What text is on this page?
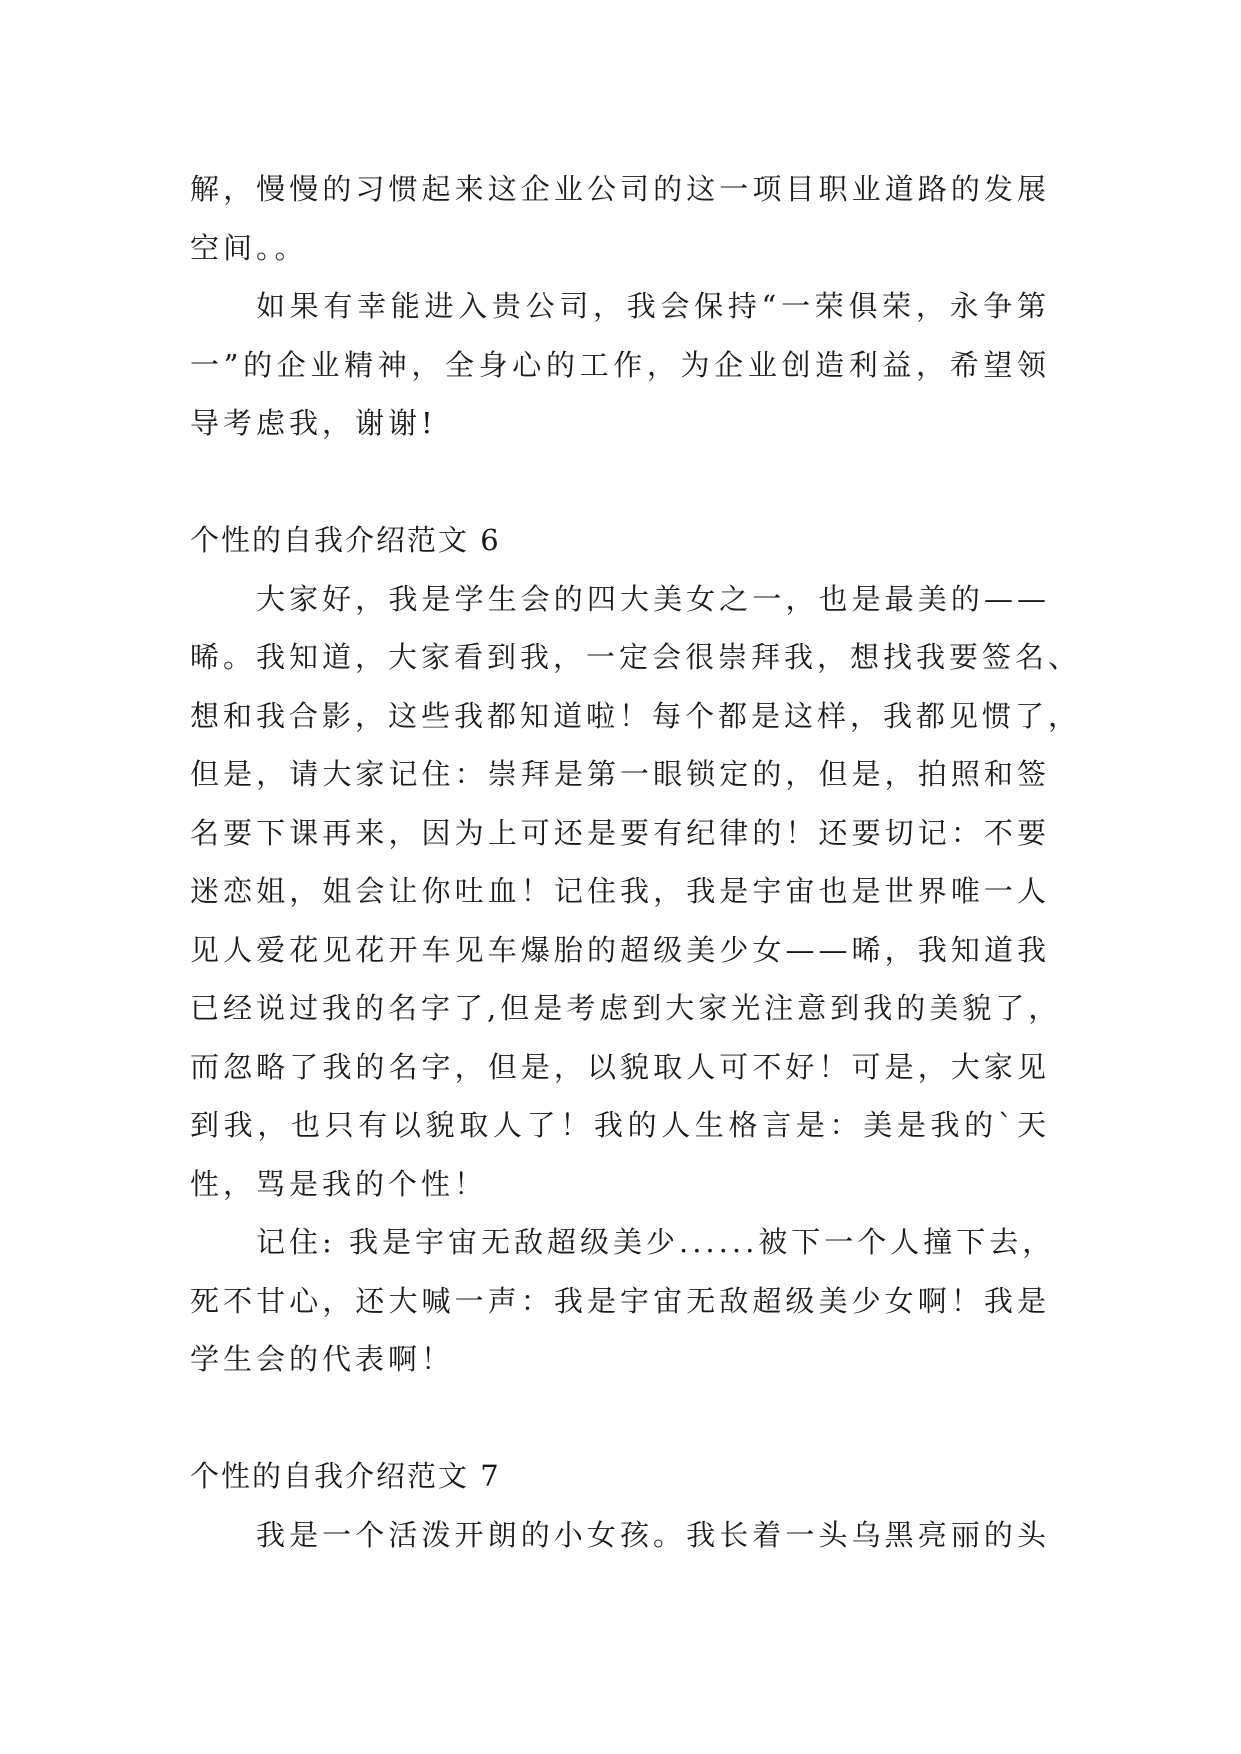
解，慢慢的习惯起来这企业公司的这一项目职业道路的发展
空间。。
如果有幸能进入贵公司，我会保持“一荣俱荣，永争第
一”的企业精神，全身心的工作，为企业创造利益，希望领
导考虑我，谢谢!
个性的自我介绍范文 6
大家好，我是学生会的四大美女之一，也是最美的——
晞。我知道，大家看到我，一定会很崇拜我，想找我要签名、
想和我合影，这些我都知道啦！每个都是这样，我都见惯了，
但是，请大家记住：崇拜是第一眼锁定的，但是，拍照和签
名要下课再来，因为上可还是要有纪律的！还要切记：不要
迷恋姐，姐会让你吐血！记住我，我是宇宙也是世界唯一人
见人爱花见花开车见车爆胎的超级美少女——晞，我知道我
已经说过我的名字了,但是考虑到大家光注意到我的美貌了，
而忽略了我的名字，但是，以貌取人可不好！可是，大家见
到我，也只有以貌取人了！我的人生格言是：美是我的`天
性，骂是我的个性！
记住: 我是宇宙无敌超级美少......被下一个人撞下去，
死不甘心，还大喊一声：我是宇宙无敌超级美少女啊！我是
学生会的代表啊！
个性的自我介绍范文 7
我是一个活泼开朗的小女孩。我长着一头乌黑亮丽的头
